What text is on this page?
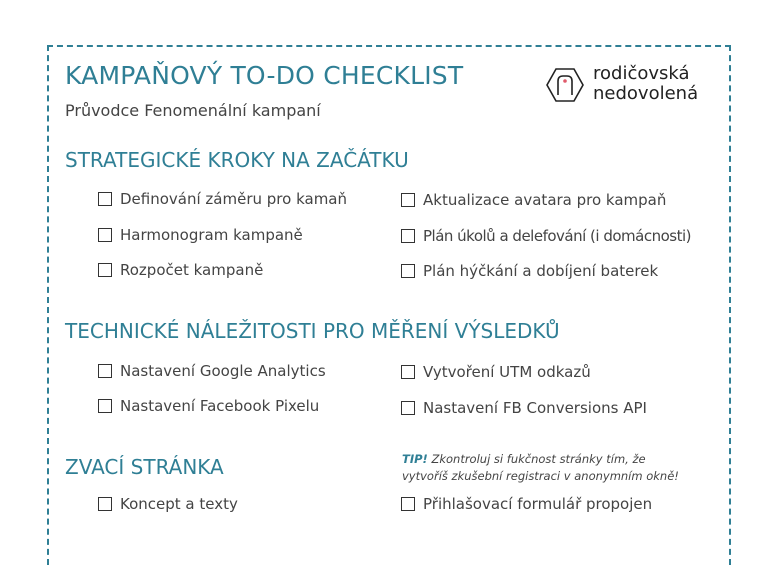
KAMPAŇOVÝ TO-DO CHECKLIST
Průvodce Fenomenální kampaní
rodičovská
nedovolená
STRATEGICKÉ KROKY NA ZAČÁTKU
Definování záměru pro kamaň
Harmonogram kampaně
Rozpočet kampaně
Aktualizace avatara pro kampaň
Plán úkolů a delefování (i domácnosti)
Plán hýčkání a dobíjení baterek
TECHNICKÉ NÁLEŽITOSTI PRO MĚŘENÍ VÝSLEDKŮ
Nastavení Google Analytics
Nastavení Facebook Pixelu
Vytvoření UTM odkazů
Nastavení FB Conversions API
ZVACÍ STRÁNKA	TIP! Zkontroluj si fukčnost stránky tím, že
vytvoříš zkušební registraci v anonymním okně!
Koncept a texty	Přihlašovací formulář propojen
